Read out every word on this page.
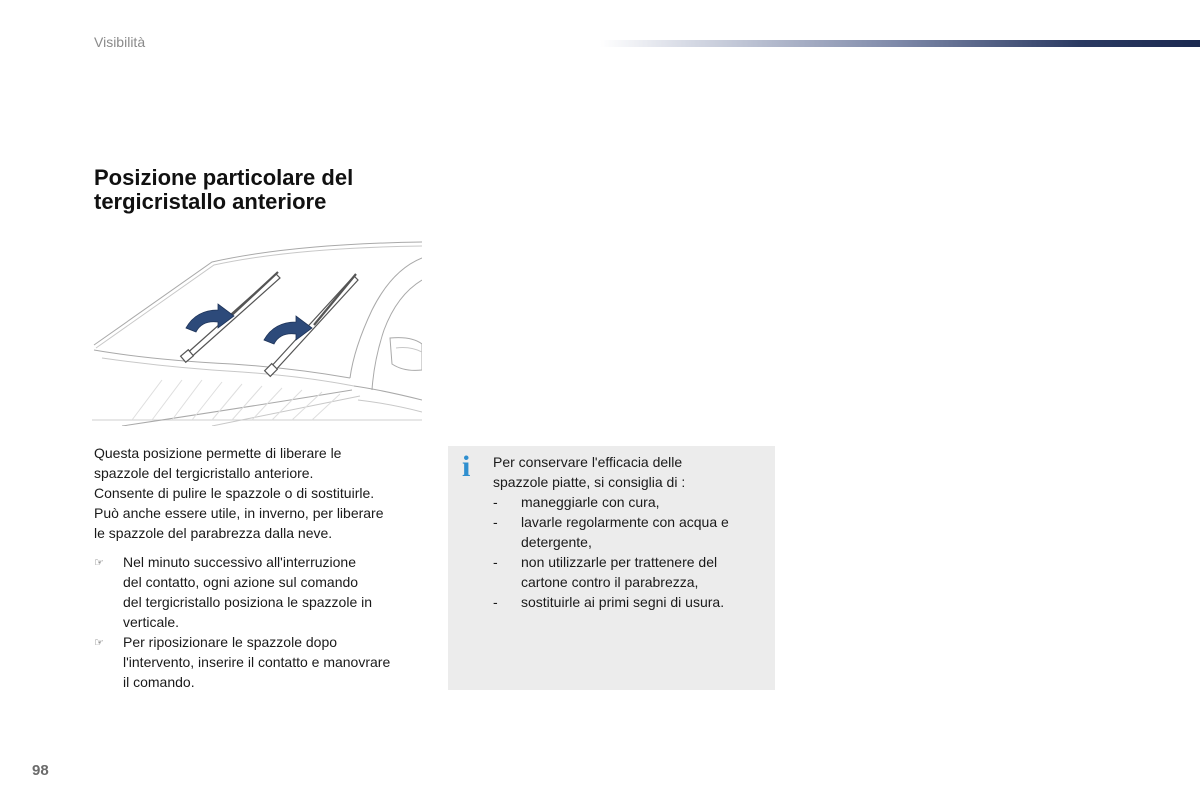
Visibilità
Posizione particolare del
tergicristallo anteriore

Questa posizione permette di liberare le

spazzole del tergicristallo anteriore.

Consente di pulire le spazzole o di sostituirle.

Può anche essere utile, in inverno, per liberare

le spazzole del parabrezza dalla neve.

☞ Nel minuto successivo all'interruzione
del contatto, ogni azione sul comando
del tergicristallo posiziona le spazzole in
verticale.
☞ Per riposizionare le spazzole dopo
l'intervento, inserire il contatto e manovrare
il comando.
i Per conservare l'efficacia delle
spazzole piatte, si consiglia di :

- maneggiarle con cura,
- lavarle regolarmente con acqua e
detergente,
- non utilizzarle per trattenere del
cartone contro il parabrezza,
- sostituirle ai primi segni di usura.
98
